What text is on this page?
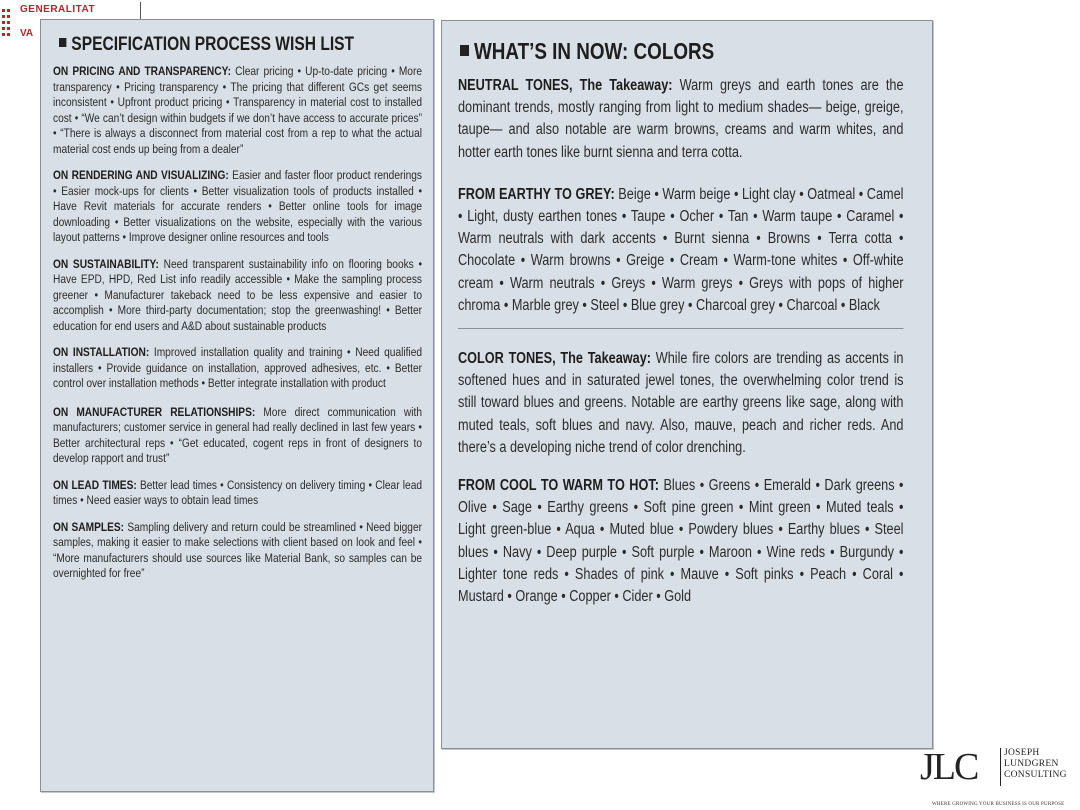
GENERALITAT
VA
SPECIFICATION PROCESS WISH LIST

ON PRICING AND TRANSPARENCY: Clear pricing • Up-to-date pricing • More transparency • Pricing transparency • The pricing that different GCs get seems inconsistent • Upfront product pricing • Transparency in material cost to installed cost • “We can’t design within budgets if we don’t have access to accurate prices” • “There is always a disconnect from material cost from a rep to what the actual material cost ends up being from a dealer”

ON RENDERING AND VISUALIZING: Easier and faster floor product renderings • Easier mock-ups for clients • Better visualization tools of products installed • Have Revit materials for accurate renders • Better online tools for image downloading • Better visualizations on the website, especially with the various layout patterns • Improve designer online resources and tools

ON SUSTAINABILITY: Need transparent sustainability info on flooring books • Have EPD, HPD, Red List info readily accessible • Make the sampling process greener • Manufacturer takeback need to be less expensive and easier to accomplish • More third-party documentation; stop the greenwashing! • Better education for end users and A&D about sustainable products

ON INSTALLATION: Improved installation quality and training • Need qualified installers • Provide guidance on installation, approved adhesives, etc. • Better control over installation methods • Better integrate installation with product

ON MANUFACTURER RELATIONSHIPS: More direct communication with manufacturers; customer service in general had really declined in last few years • Better architectural reps • “Get educated, cogent reps in front of designers to develop rapport and trust”

ON LEAD TIMES: Better lead times • Consistency on delivery timing • Clear lead times • Need easier ways to obtain lead times

ON SAMPLES: Sampling delivery and return could be streamlined • Need bigger samples, making it easier to make selections with client based on look and feel • “More manufacturers should use sources like Material Bank, so samples can be overnighted for free”

WHAT’S IN NOW: COLORS

NEUTRAL TONES, The Takeaway: Warm greys and earth tones are the dominant trends, mostly ranging from light to medium shades— beige, greige, taupe— and also notable are warm browns, creams and warm whites, and hotter earth tones like burnt sienna and terra cotta.

FROM EARTHY TO GREY: Beige • Warm beige • Light clay • Oatmeal • Camel • Light, dusty earthen tones • Taupe • Ocher • Tan • Warm taupe • Caramel • Warm neutrals with dark accents • Burnt sienna • Browns • Terra cotta • Chocolate • Warm browns • Greige • Cream • Warm-tone whites • Off-white cream • Warm neutrals • Greys • Warm greys • Greys with pops of higher chroma • Marble grey • Steel • Blue grey • Charcoal grey • Charcoal • Black

COLOR TONES, The Takeaway: While fire colors are trending as accents in softened hues and in saturated jewel tones, the overwhelming color trend is still toward blues and greens. Notable are earthy greens like sage, along with muted teals, soft blues and navy. Also, mauve, peach and richer reds. And there’s a developing niche trend of color drenching.

FROM COOL TO WARM TO HOT: Blues • Greens • Emerald • Dark greens • Olive • Sage • Earthy greens • Soft pine green • Mint green • Muted teals • Light green-blue • Aqua • Muted blue • Powdery blues • Earthy blues • Steel blues • Navy • Deep purple • Soft purple • Maroon • Wine reds • Burgundy • Lighter tone reds • Shades of pink • Mauve • Soft pinks • Peach • Coral • Mustard • Orange • Copper • Cider • Gold

JLC	JOSEPH
LUNDGREN
CONSULTING
WHERE GROWING YOUR BUSINESS IS OUR PURPOSE
